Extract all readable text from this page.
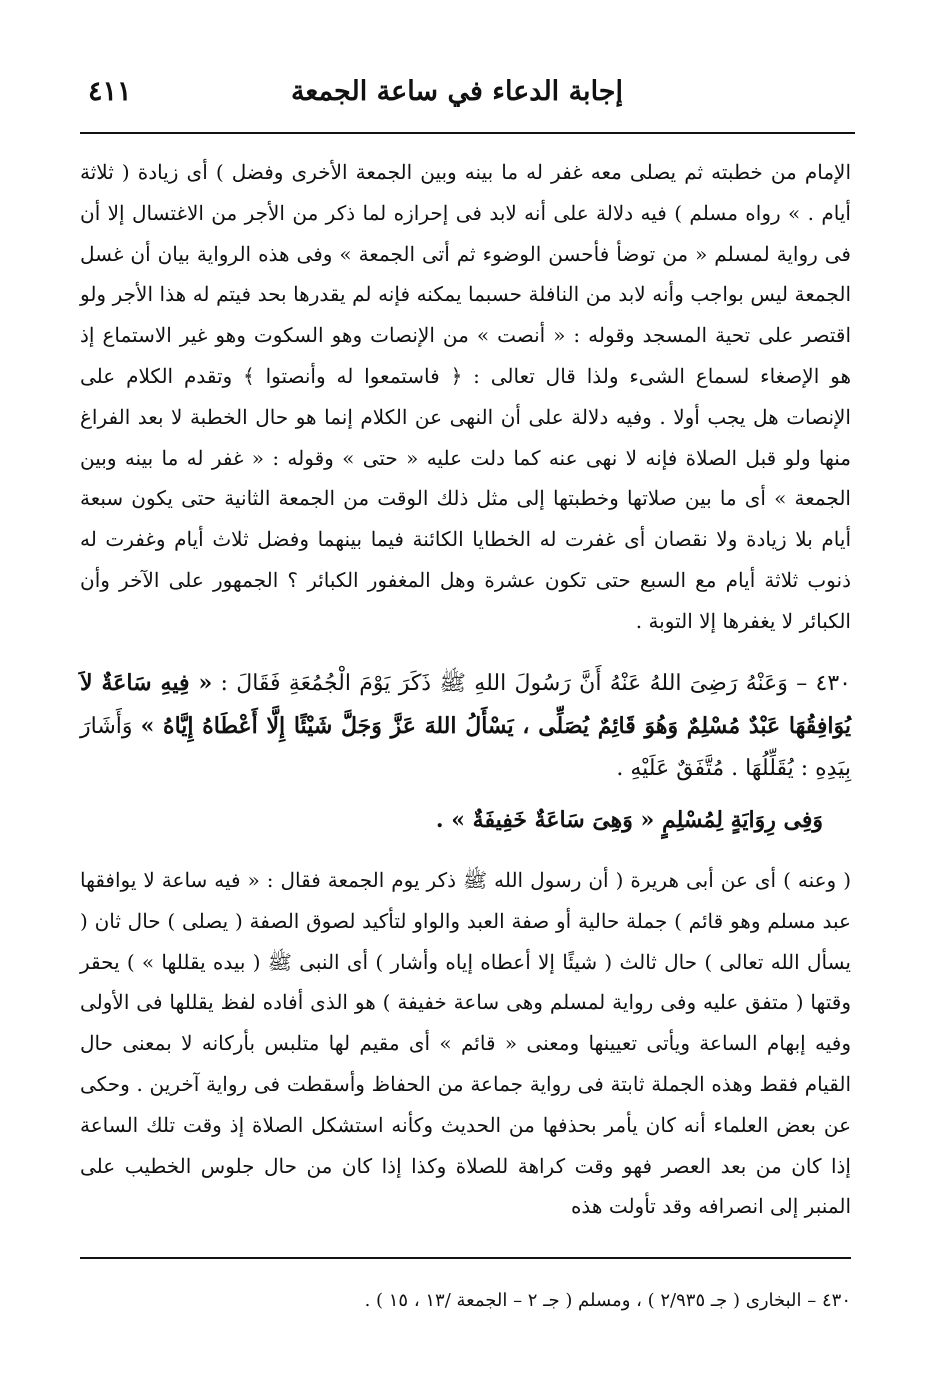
إجابة الدعاء في ساعة الجمعة
٤١١

الإمام من خطبته ثم يصلى معه غفر له ما بينه وبين الجمعة الأخرى وفضل ) أى زيادة ( ثلاثة أيام . » رواه مسلم ) فيه دلالة على أنه لابد فى إحرازه لما ذكر من الأجر من الاغتسال إلا أن فى رواية لمسلم « من توضأ فأحسن الوضوء ثم أتى الجمعة » وفى هذه الرواية بيان أن غسل الجمعة ليس بواجب وأنه لابد من النافلة حسبما يمكنه فإنه لم يقدرها بحد فيتم له هذا الأجر ولو اقتصر على تحية المسجد وقوله : « أنصت » من الإنصات وهو السكوت وهو غير الاستماع إذ هو الإصغاء لسماع الشىء ولذا قال تعالى : ﴿ فاستمعوا له وأنصتوا ﴾ وتقدم الكلام على الإنصات هل يجب أولا . وفيه دلالة على أن النهى عن الكلام إنما هو حال الخطبة لا بعد الفراغ منها ولو قبل الصلاة فإنه لا نهى عنه كما دلت عليه « حتى » وقوله : « غفر له ما بينه وبين الجمعة » أى ما بين صلاتها وخطبتها إلى مثل ذلك الوقت من الجمعة الثانية حتى يكون سبعة أيام بلا زيادة ولا نقصان أى غفرت له الخطايا الكائنة فيما بينهما وفضل ثلاث أيام وغفرت له ذنوب ثلاثة أيام مع السبع حتى تكون عشرة وهل المغفور الكبائر ؟ الجمهور على الآخر وأن الكبائر لا يغفرها إلا التوبة .

٤٣٠ – وَعَنْهُ رَضِىَ اللهُ عَنْهُ أَنَّ رَسُولَ اللهِ ﷺ ذَكَرَ يَوْمَ الْجُمُعَةِ فَقَالَ : « فِيهِ سَاعَةٌ لاَ يُوَافِقُهَا عَبْدٌ مُسْلِمٌ وَهُوَ قَائِمٌ يُصَلِّى ، يَسْأَلُ اللهَ عَزَّ وَجَلَّ شَيْئًا إِلَّا أَعْطَاهُ إِيَّاهُ » وَأَشَارَ بِيَدِهِ : يُقَلِّلُهَا . مُتَّفَقٌ عَلَيْهِ .

وَفِى رِوَايَةٍ لِمُسْلِمٍ « وَهِىَ سَاعَةٌ خَفِيفَةٌ » .

( وعنه ) أى عن أبى هريرة ( أن رسول الله ﷺ ذكر يوم الجمعة فقال : « فيه ساعة لا يوافقها عبد مسلم وهو قائم ) جملة حالية أو صفة العبد والواو لتأكيد لصوق الصفة ( يصلى ) حال ثان ( يسأل الله تعالى ) حال ثالث ( شيئًا إلا أعطاه إياه وأشار ) أى النبى ﷺ ( بيده يقللها » ) يحقر وقتها ( متفق عليه وفى رواية لمسلم وهى ساعة خفيفة ) هو الذى أفاده لفظ يقللها فى الأولى وفيه إبهام الساعة ويأتى تعيينها ومعنى « قائم » أى مقيم لها متلبس بأركانه لا بمعنى حال القيام فقط وهذه الجملة ثابتة فى رواية جماعة من الحفاظ وأسقطت فى رواية آخرين . وحكى عن بعض العلماء أنه كان يأمر بحذفها من الحديث وكأنه استشكل الصلاة إذ وقت تلك الساعة إذا كان من بعد العصر فهو وقت كراهة للصلاة وكذا إذا كان من حال جلوس الخطيب على المنبر إلى انصرافه وقد تأولت هذه

٤٣٠ – البخارى ( جـ ٢/٩٣٥ ) ، ومسلم ( جـ ٢ – الجمعة /١٣ ، ١٥ ) .
